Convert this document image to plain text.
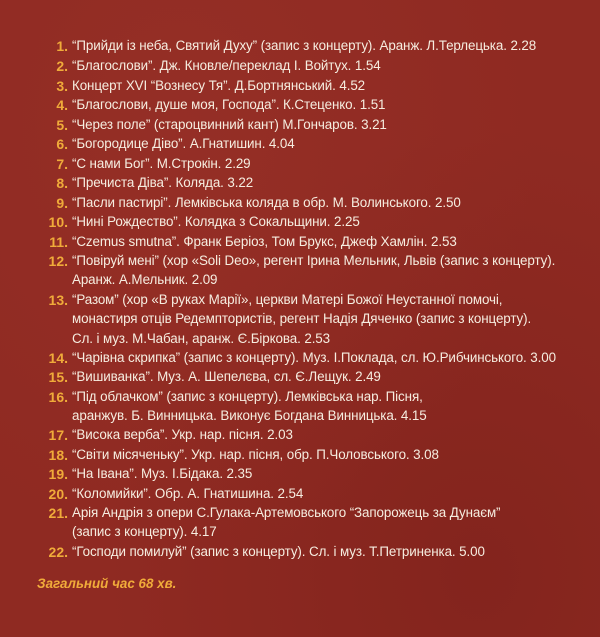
1. “Прийди із неба, Святий Духу” (запис з концерту). Аранж. Л.Терлецька. 2.28
2. “Благослови”. Дж. Кновле/переклад І. Войтух. 1.54
3. Концерт XVI “Вознесу Тя”. Д.Бортнянський. 4.52
4. “Благослови, душе моя, Господа”. К.Стеценко. 1.51
5. “Через поле” (староцвинний кант) М.Гончаров. 3.21
6. “Богородице Діво”. А.Гнатишин. 4.04
7. “С нами Бог”. М.Строкін. 2.29
8. “Пречиста Діва”. Коляда. 3.22
9. “Пасли пастирі”. Лемківська коляда в обр. М. Волинського. 2.50
10. “Нині Рождество”. Колядка з Сокальщини. 2.25
11. “Czemus smutna”. Франк Беріоз, Том Брукс, Джеф Хамлін. 2.53
12. “Повіруй мені” (хор «Soli Deo», регент Ірина Мельник, Львів (запис з концерту).
Аранж. А.Мельник. 2.09
13. “Разом” (хор «В руках Марії», церкви Матері Божої Неустанної помочі,
монастиря отців Редемптористів, регент Надія Дяченко (запис з концерту).
Сл. і муз. М.Чабан, аранж. Є.Біркова. 2.53
14. “Чарівна скрипка” (запис з концерту). Муз. І.Поклада, сл. Ю.Рибчинського. 3.00
15. “Вишиванка”. Муз. А. Шепелєва, сл. Є.Лещук. 2.49
16. “Під облачком” (запис з концерту). Лемківська нар. Пісня,
аранжув. Б. Винницька. Виконує Богдана Винницька. 4.15
17. “Висока верба”. Укр. нар. пісня. 2.03
18. “Світи місяченьку”. Укр. нар. пісня, обр. П.Чоловського. 3.08
19. “На Івана”. Муз. І.Бідака. 2.35
20. “Коломийки”. Обр. А. Гнатишина. 2.54
21. Арія Андрія з опери С.Гулака-Артемовського “Запорожець за Дунаєм”
(запис з концерту). 4.17
22. “Господи помилуй” (запис з концерту). Сл. і муз. Т.Петриненка. 5.00
Загальний час 68 хв.
